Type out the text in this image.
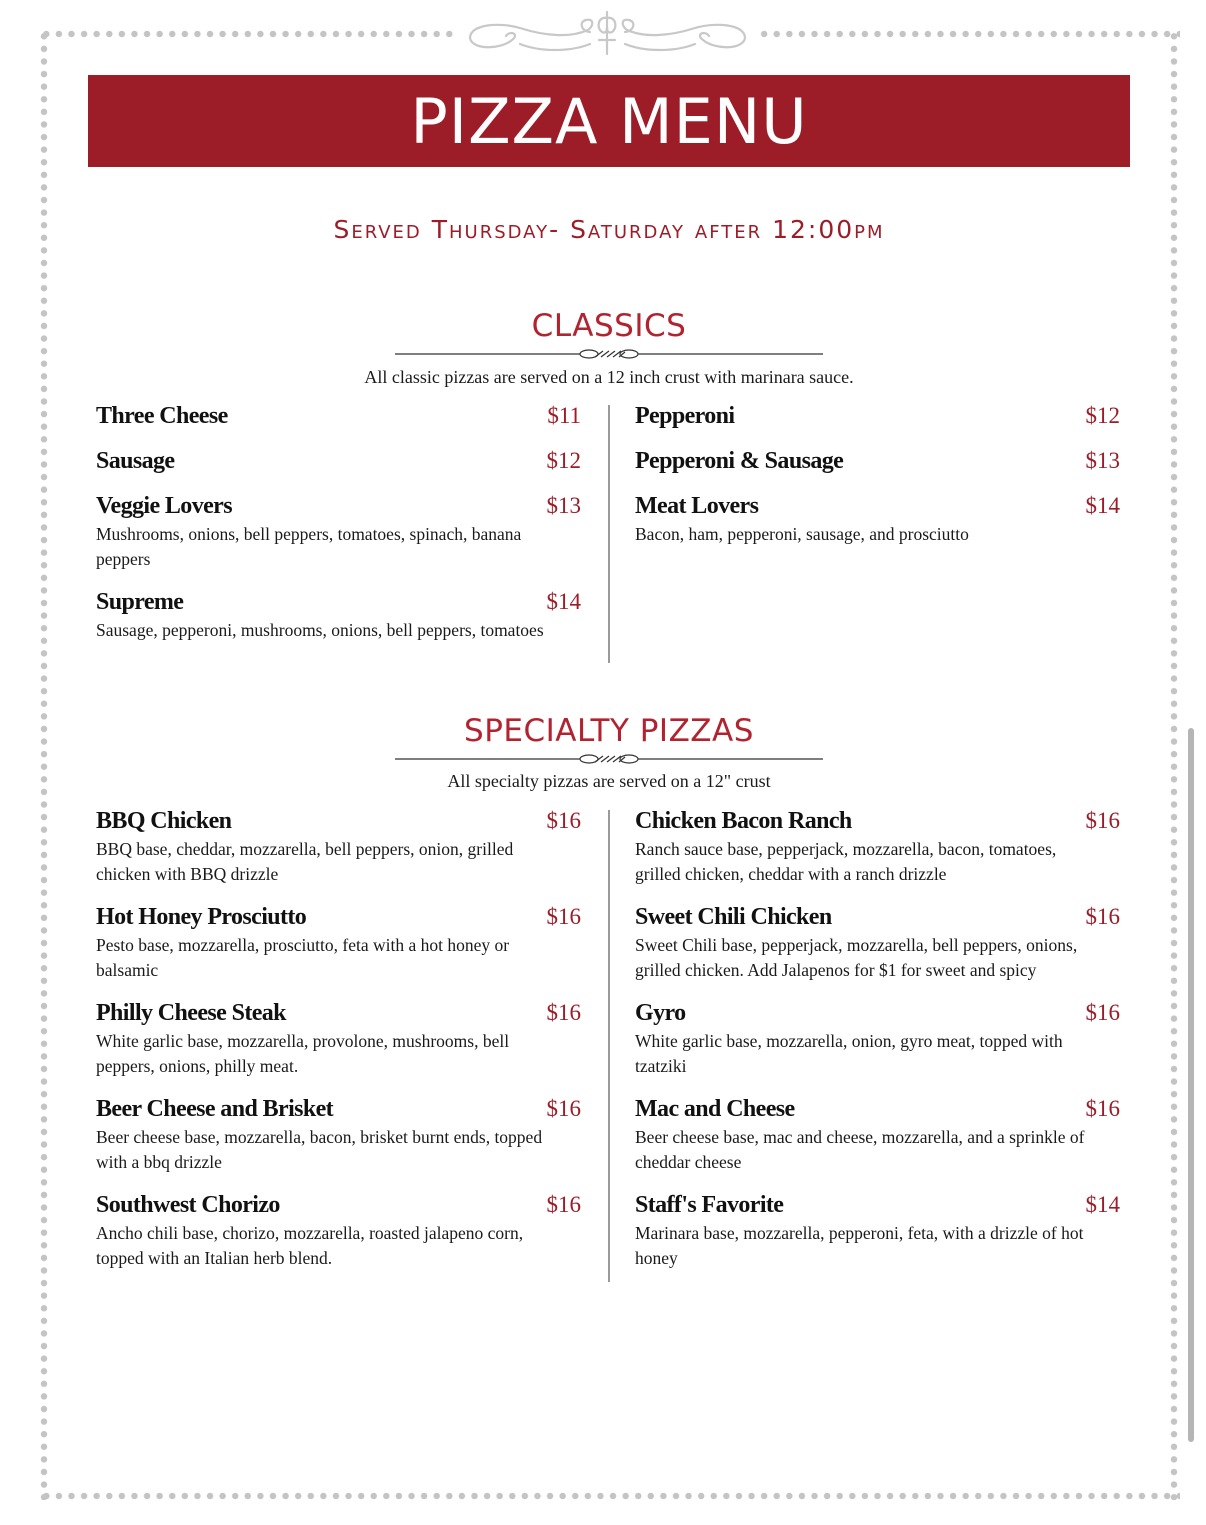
PIZZA MENU
Served Thursday- Saturday after 12:00pm
CLASSICS
All classic pizzas are served on a 12 inch crust with marinara sauce.
Three Cheese	$11
Sausage	$12
Veggie Lovers	$13
Mushrooms, onions, bell peppers, tomatoes, spinach, banana peppers
Supreme	$14
Sausage, pepperoni, mushrooms, onions, bell peppers, tomatoes
Pepperoni	$12
Pepperoni & Sausage	$13
Meat Lovers	$14
Bacon, ham, pepperoni, sausage, and prosciutto
SPECIALTY PIZZAS
All specialty pizzas are served on a 12" crust
BBQ Chicken	$16
BBQ base, cheddar, mozzarella, bell peppers, onion, grilled chicken with BBQ drizzle
Hot Honey Prosciutto	$16
Pesto base, mozzarella, prosciutto, feta with a hot honey or balsamic
Philly Cheese Steak	$16
White garlic base, mozzarella, provolone, mushrooms, bell peppers, onions, philly meat.
Beer Cheese and Brisket	$16
Beer cheese base, mozzarella, bacon, brisket burnt ends, topped with a bbq drizzle
Southwest Chorizo	$16
Ancho chili base, chorizo, mozzarella, roasted jalapeno corn, topped with an Italian herb blend.
Chicken Bacon Ranch	$16
Ranch sauce base, pepperjack, mozzarella, bacon, tomatoes, grilled chicken, cheddar with a ranch drizzle
Sweet Chili Chicken	$16
Sweet Chili base, pepperjack, mozzarella, bell peppers, onions, grilled chicken. Add Jalapenos for $1 for sweet and spicy
Gyro	$16
White garlic base, mozzarella, onion, gyro meat, topped with tzatziki
Mac and Cheese	$16
Beer cheese base, mac and cheese, mozzarella, and a sprinkle of cheddar cheese
Staff's Favorite	$14
Marinara base, mozzarella, pepperoni, feta, with a drizzle of hot honey
